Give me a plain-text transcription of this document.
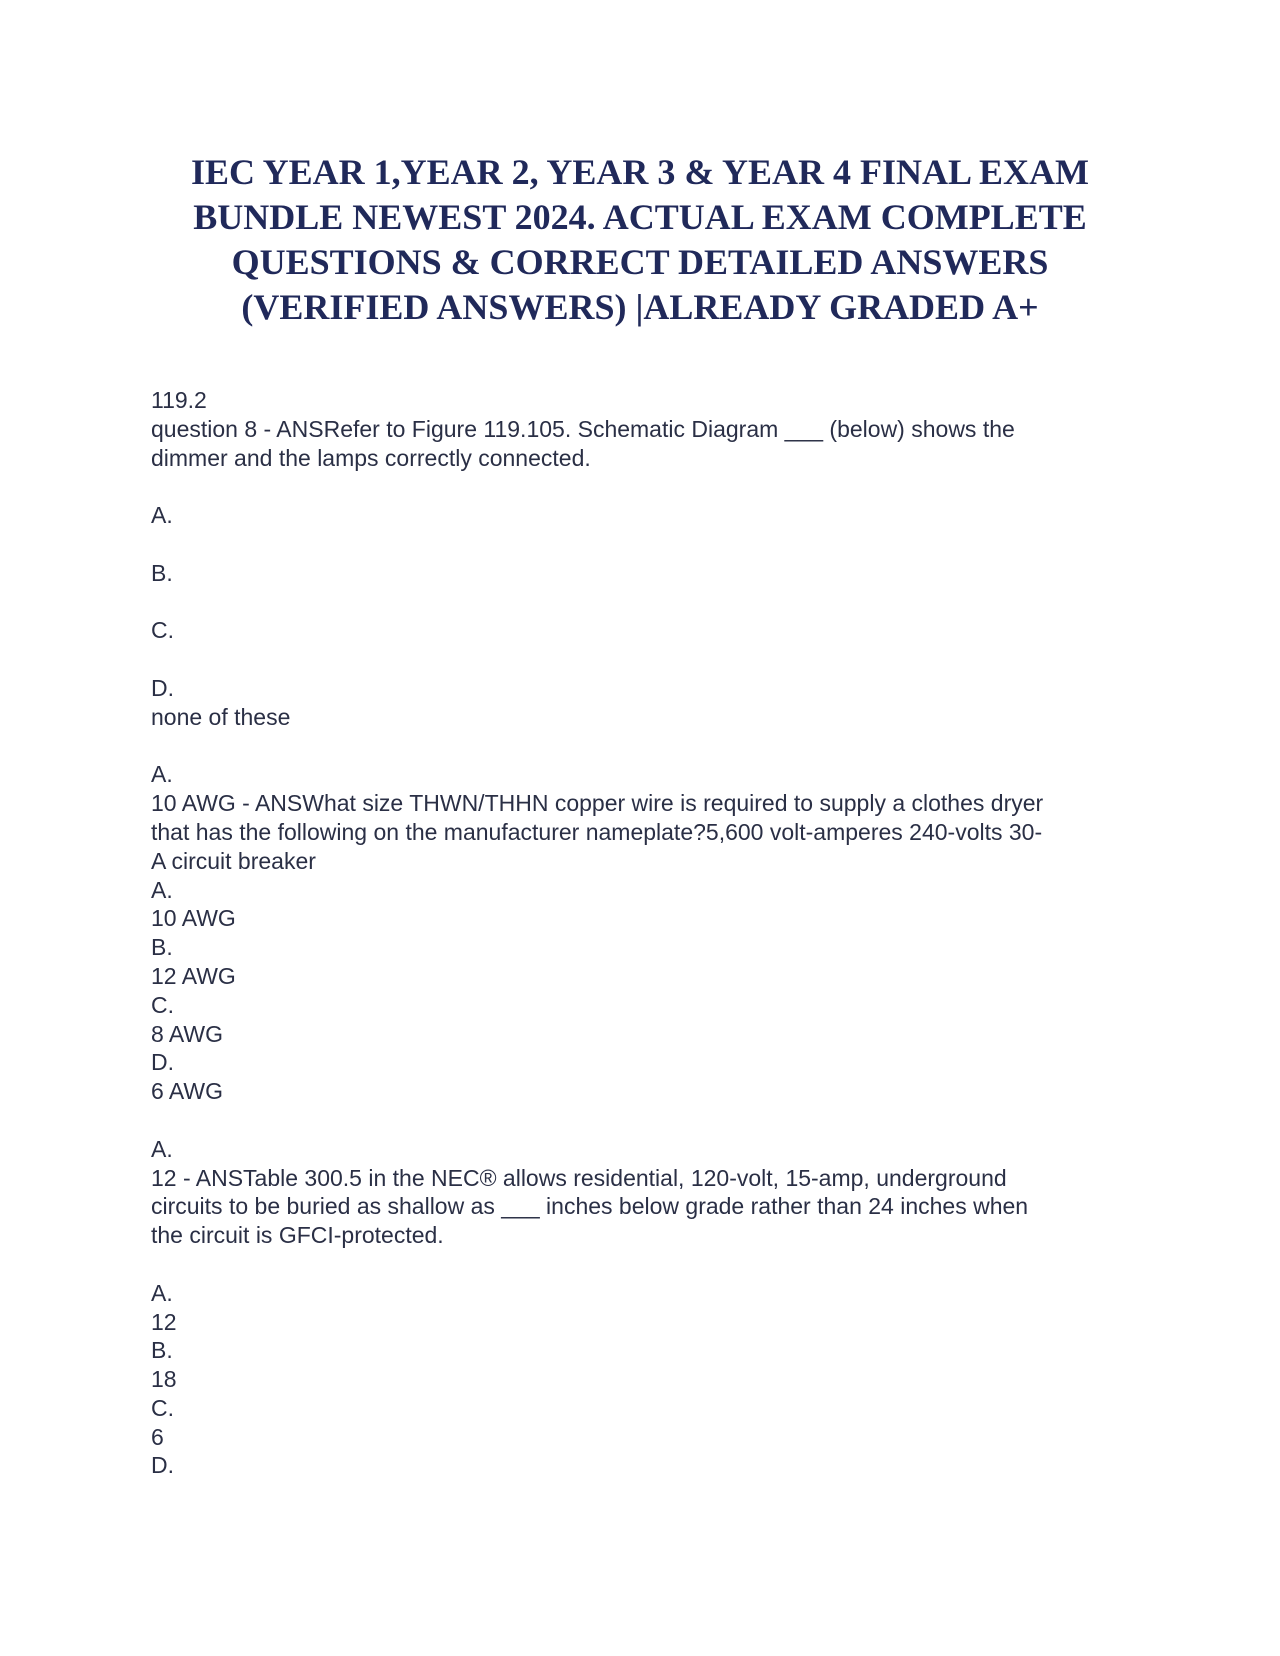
IEC YEAR 1,YEAR 2, YEAR 3 & YEAR 4 FINAL EXAM
BUNDLE NEWEST 2024. ACTUAL EXAM COMPLETE
QUESTIONS & CORRECT DETAILED ANSWERS
(VERIFIED ANSWERS) |ALREADY GRADED A+
119.2
question 8 - ANSRefer to Figure 119.105. Schematic Diagram ___ (below) shows the
dimmer and the lamps correctly connected.
A.
B.
C.
D.
none of these
A.
10 AWG - ANSWhat size THWN/THHN copper wire is required to supply a clothes dryer
that has the following on the manufacturer nameplate?5,600 volt-amperes 240-volts 30-
A circuit breaker
A.
10 AWG
B.
12 AWG
C.
8 AWG
D.
6 AWG
A.
12 - ANSTable 300.5 in the NEC® allows residential, 120-volt, 15-amp, underground
circuits to be buried as shallow as ___ inches below grade rather than 24 inches when
the circuit is GFCI-protected.
A.
12
B.
18
C.
6
D.
